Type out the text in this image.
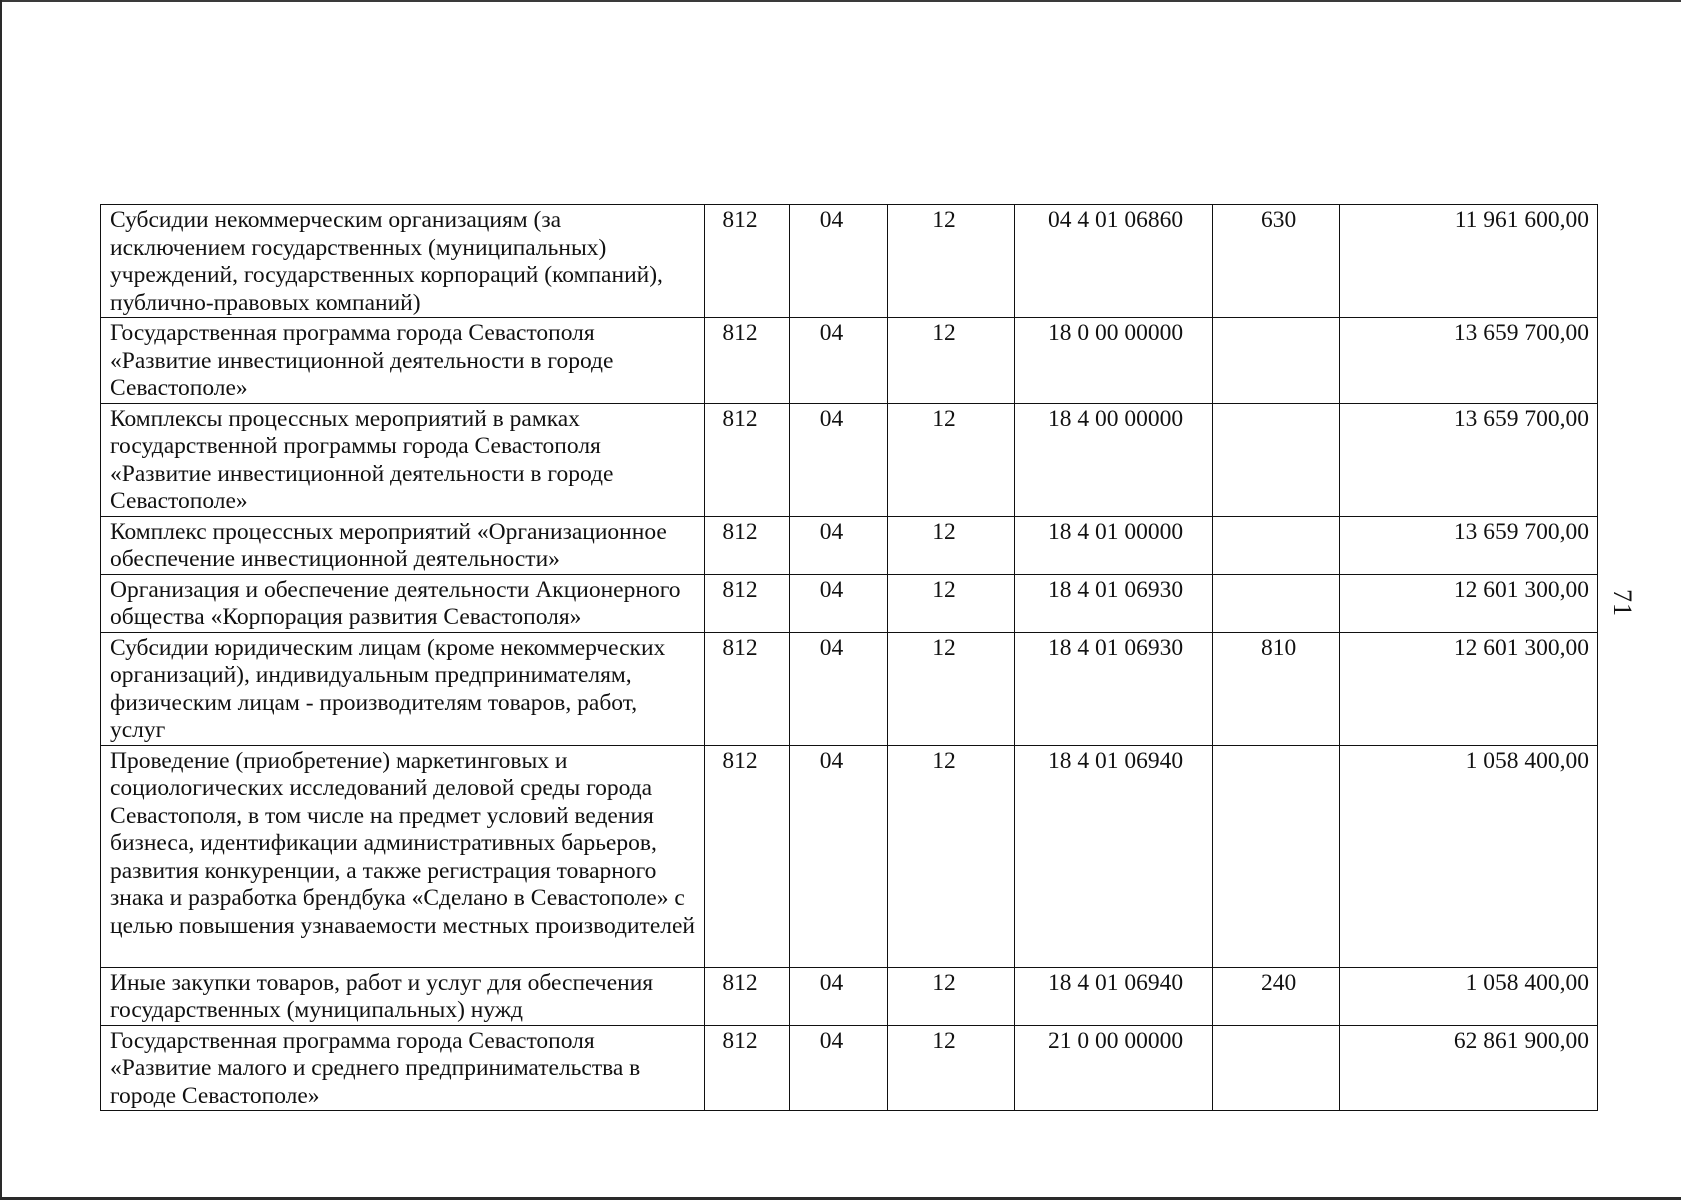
Субсидии некоммерческим организациям (за исключением государственных (муниципальных) учреждений, государственных корпораций (компаний), публично-правовых компаний)	812	04	12	04 4 01 06860	630	11 961 600,00
Государственная программа города Севастополя «Развитие инвестиционной деятельности в городе Севастополе»	812	04	12	18 0 00 00000		13 659 700,00
Комплексы процессных мероприятий в рамках государственной программы города Севастополя «Развитие инвестиционной деятельности в городе Севастополе»	812	04	12	18 4 00 00000		13 659 700,00
Комплекс процессных мероприятий «Организационное обеспечение инвестиционной деятельности»	812	04	12	18 4 01 00000		13 659 700,00
Организация и обеспечение деятельности Акционерного общества «Корпорация развития Севастополя»	812	04	12	18 4 01 06930		12 601 300,00
Субсидии юридическим лицам (кроме некоммерческих организаций), индивидуальным предпринимателям, физическим лицам - производителям товаров, работ, услуг	812	04	12	18 4 01 06930	810	12 601 300,00
Проведение (приобретение) маркетинговых и социологических исследований деловой среды города Севастополя, в том числе на предмет условий ведения бизнеса, идентификации административных барьеров, развития конкуренции, а также регистрация товарного знака и разработка брендбука «Сделано в Севастополе» с целью повышения узнаваемости местных производителей	812	04	12	18 4 01 06940		1 058 400,00
Иные закупки товаров, работ и услуг для обеспечения государственных (муниципальных) нужд	812	04	12	18 4 01 06940	240	1 058 400,00
Государственная программа города Севастополя «Развитие малого и среднего предпринимательства в городе Севастополе»	812	04	12	21 0 00 00000		62 861 900,00
71
